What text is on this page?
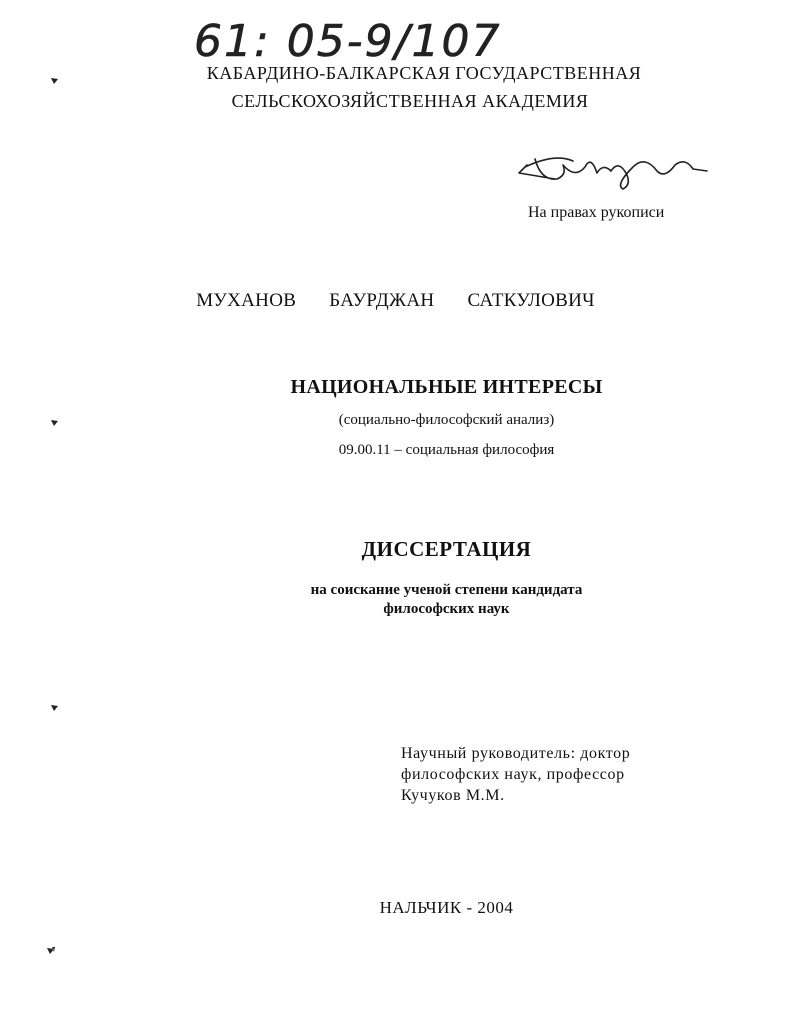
61: 05-9/107
КАБАРДИНО-БАЛКАРСКАЯ ГОСУДАРСТВЕННАЯ
СЕЛЬСКОХОЗЯЙСТВЕННАЯ АКАДЕМИЯ
На правах рукописи
МУХАНОВ БАУРДЖАН САТКУЛОВИЧ
НАЦИОНАЛЬНЫЕ ИНТЕРЕСЫ
(социально-философский анализ)
09.00.11 – социальная философия
ДИССЕРТАЦИЯ
на соискание ученой степени кандидата
философских наук
Научный руководитель: доктор
философских наук, профессор
Кучуков М.М.
НАЛЬЧИК - 2004
